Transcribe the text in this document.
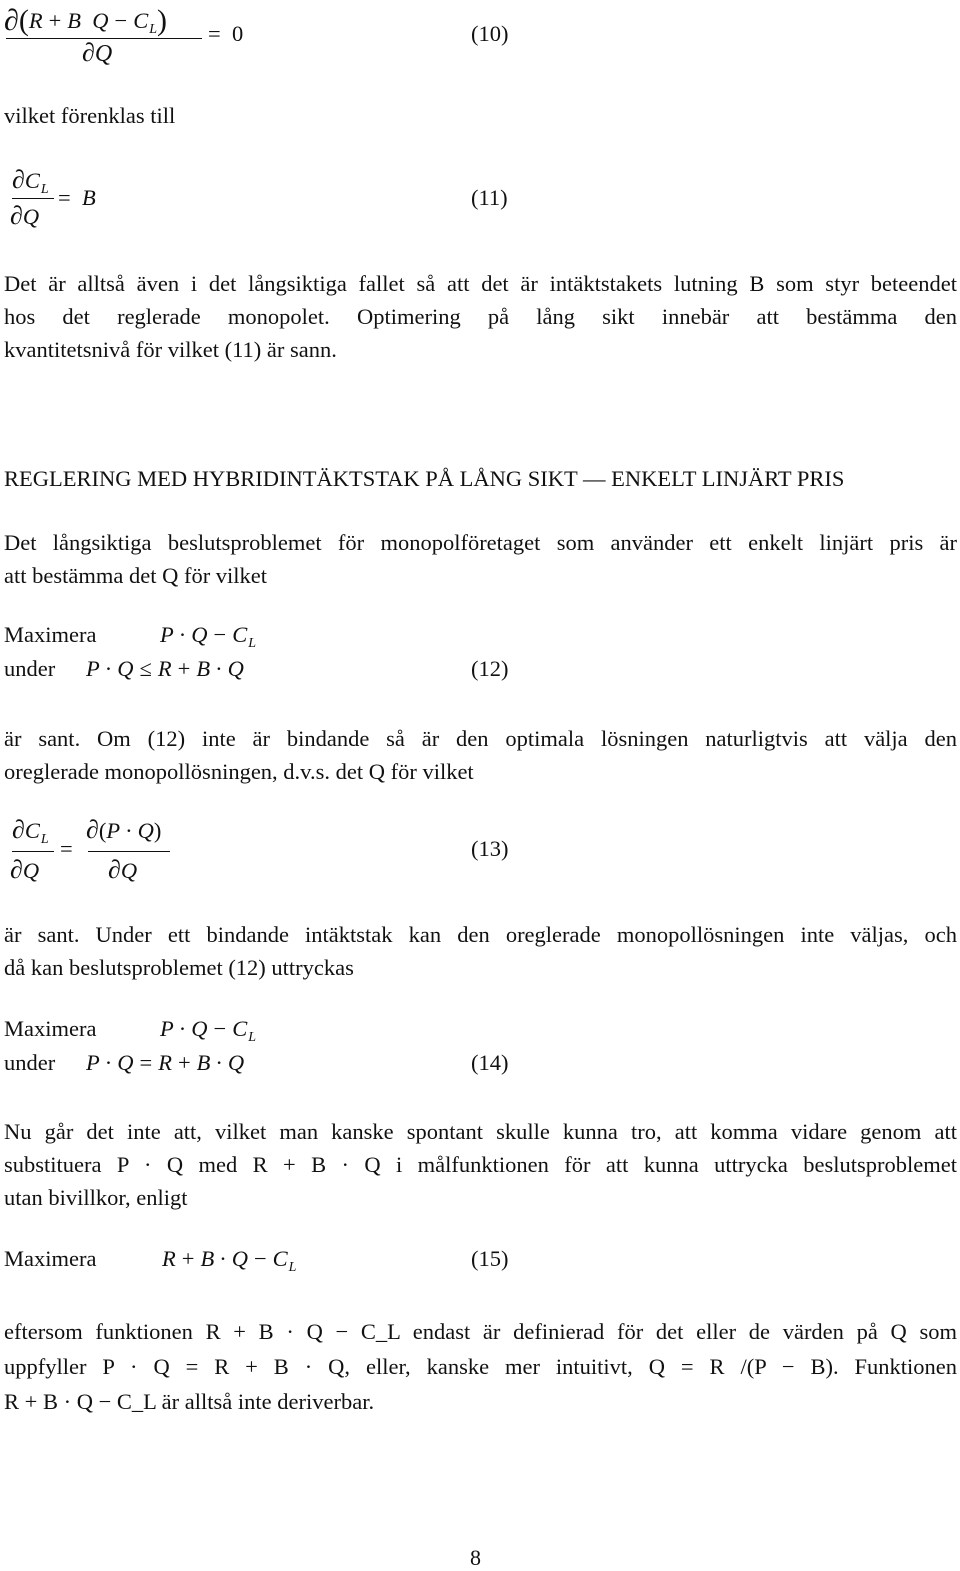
∂(R + B $Q - C_L$)
∂Q
=  0	(10)
vilket förenklas till
$\partial C_L$
∂Q
=  B	(11)
Det är alltså även i det långsiktiga fallet så att det är intäktstakets lutning B som styr beteendet
hos det reglerade monopolet. Optimering på lång sikt innebär att bestämma den
kvantitetsnivå för vilket (11) är sann.
REGLERING MED HYBRIDINTÄKTSTAK PÅ LÅNG SIKT — ENKELT LINJÄRT PRIS
Det långsiktiga beslutsproblemet för monopolföretaget som använder ett enkelt linjärt pris är
att bestämma det Q för vilket
Maximera	$P \cdot Q - C_L$
under P · Q ≤ R + B · Q	(12)
är sant. Om (12) inte är bindande så är den optimala lösningen naturligtvis att välja den
oreglerade monopollösningen, d.v.s. det Q för vilket
$\partial C_L$
∂Q
=
∂(P · Q)
∂Q
(13)
är sant. Under ett bindande intäktstak kan den oreglerade monopollösningen inte väljas, och
då kan beslutsproblemet (12) uttryckas
Maximera	$P \cdot Q - C_L$
under P · Q = R + B · Q	(14)
Nu går det inte att, vilket man kanske spontant skulle kunna tro, att komma vidare genom att
substituera P · Q med R + B · Q i målfunktionen för att kunna uttrycka beslutsproblemet
utan bivillkor, enligt
Maximera	$R + B \cdot Q - C_L$	(15)
eftersom funktionen R + B · Q − C_L endast är definierad för det eller de värden på Q som
uppfyller P · Q = R + B · Q, eller, kanske mer intuitivt, Q = R /(P − B). Funktionen
R + B · Q − C_L är alltså inte deriverbar.
8
